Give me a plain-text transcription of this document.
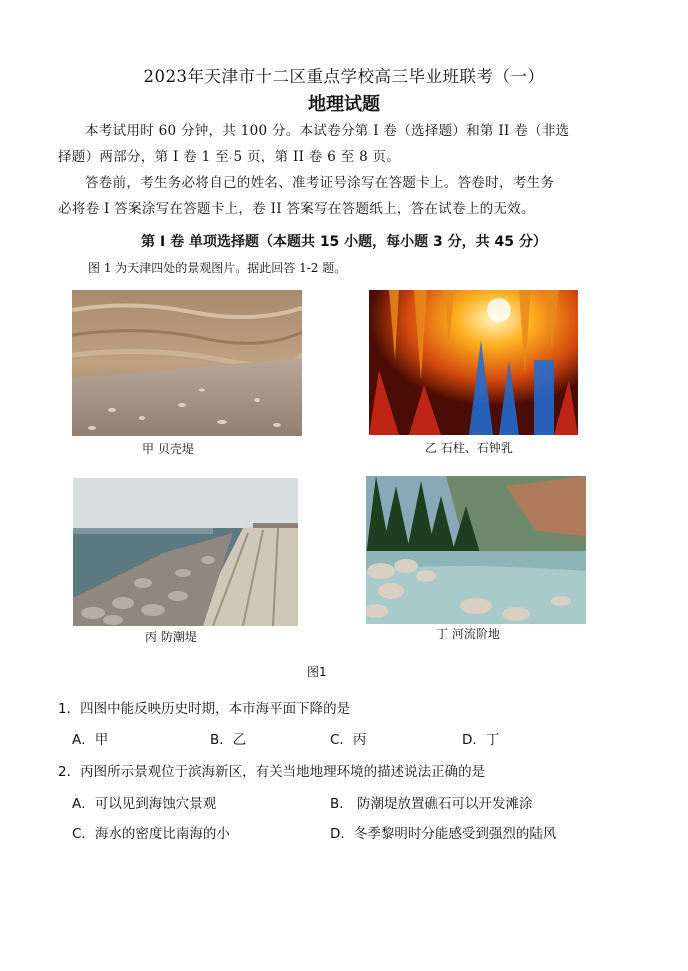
2023年天津市十二区重点学校高三毕业班联考（一）
地理试题
本考试用时 60 分钟，共 100 分。本试卷分第 I 卷（选择题）和第 II 卷（非选
择题）两部分，第 I 卷 1 至 5 页，第 II 卷 6 至 8 页。
答卷前，考生务必将自己的姓名、准考证号涂写在答题卡上。答卷时，考生务
必将卷 I 答案涂写在答题卡上，卷 II 答案写在答题纸上，答在试卷上的无效。
第 I 卷 单项选择题（本题共 15 小题，每小题 3 分，共 45 分）
图 1 为天津四处的景观图片。据此回答 1-2 题。
甲 贝壳堤	乙 石柱、石钟乳
丙 防潮堤	丁 河流阶地
图1
1．四图中能反映历史时期，本市海平面下降的是
A．甲	B．乙	C．丙	D．丁
2．丙图所示景观位于滨海新区，有关当地地理环境的描述说法正确的是
A．可以见到海蚀穴景观	B． 防潮堤放置礁石可以开发滩涂
C．海水的密度比南海的小	D．冬季黎明时分能感受到强烈的陆风
